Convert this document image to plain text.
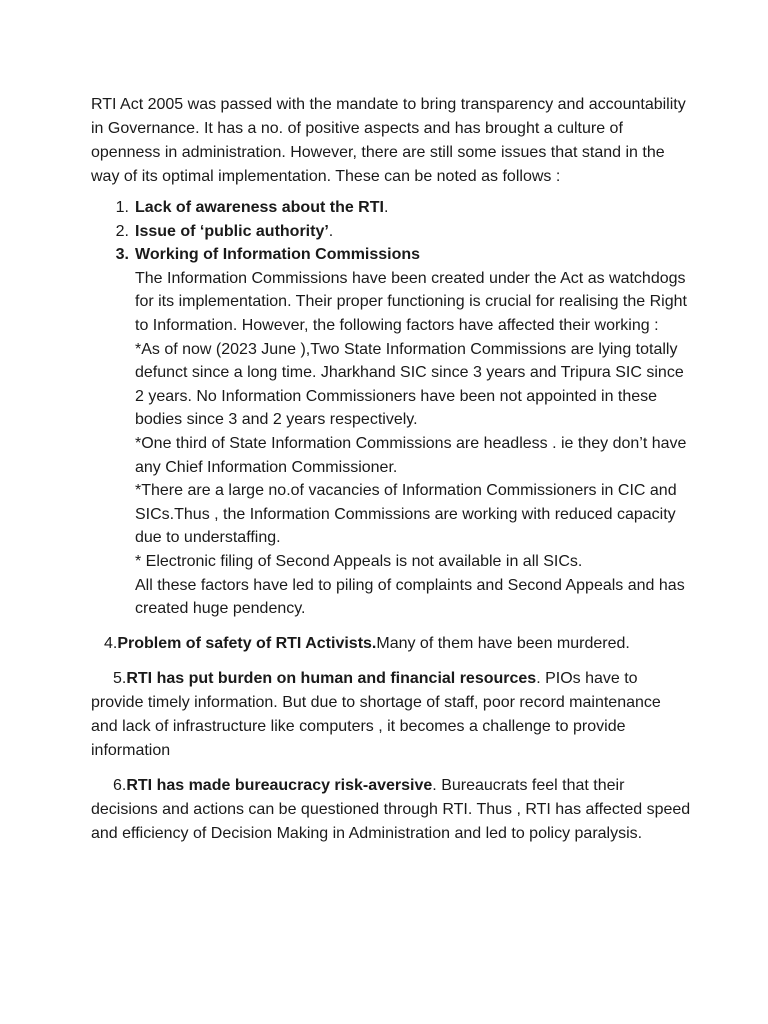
RTI Act 2005 was passed with the mandate to bring transparency and accountability in Governance. It has a no. of positive aspects and has brought a culture of openness in administration. However, there are still some issues that stand in the way of its optimal implementation. These can be noted as follows :

1. Lack of awareness about the RTI.
2. Issue of ‘public authority’.
3. Working of Information Commissions

The Information Commissions have been created under the Act as watchdogs for its implementation. Their proper functioning is crucial for realising the Right to Information. However, the following factors have affected their working :

*As of now (2023 June ),Two State Information Commissions are lying totally defunct since a long time. Jharkhand SIC since 3 years and Tripura SIC since 2 years. No Information Commissioners have been not appointed in these bodies since 3 and 2 years respectively.

*One third of State Information Commissions are headless . ie they don’t have any Chief Information Commissioner.

*There are a large no.of vacancies of Information Commissioners in CIC and SICs.Thus , the Information Commissions are working with reduced capacity due to understaffing.

* Electronic filing of Second Appeals is not available in all SICs.

All these factors have led to piling of complaints and Second Appeals and has created huge pendency.

4.Problem of safety of RTI Activists.Many of them have been murdered.

5.RTI has put burden on human and financial resources. PIOs have to provide timely information. But due to shortage of staff, poor record maintenance and lack of infrastructure like computers , it becomes a challenge to provide information

6.RTI has made bureaucracy risk-aversive. Bureaucrats feel that their decisions and actions can be questioned through RTI. Thus , RTI has affected speed and efficiency of Decision Making in Administration and led to policy paralysis.
